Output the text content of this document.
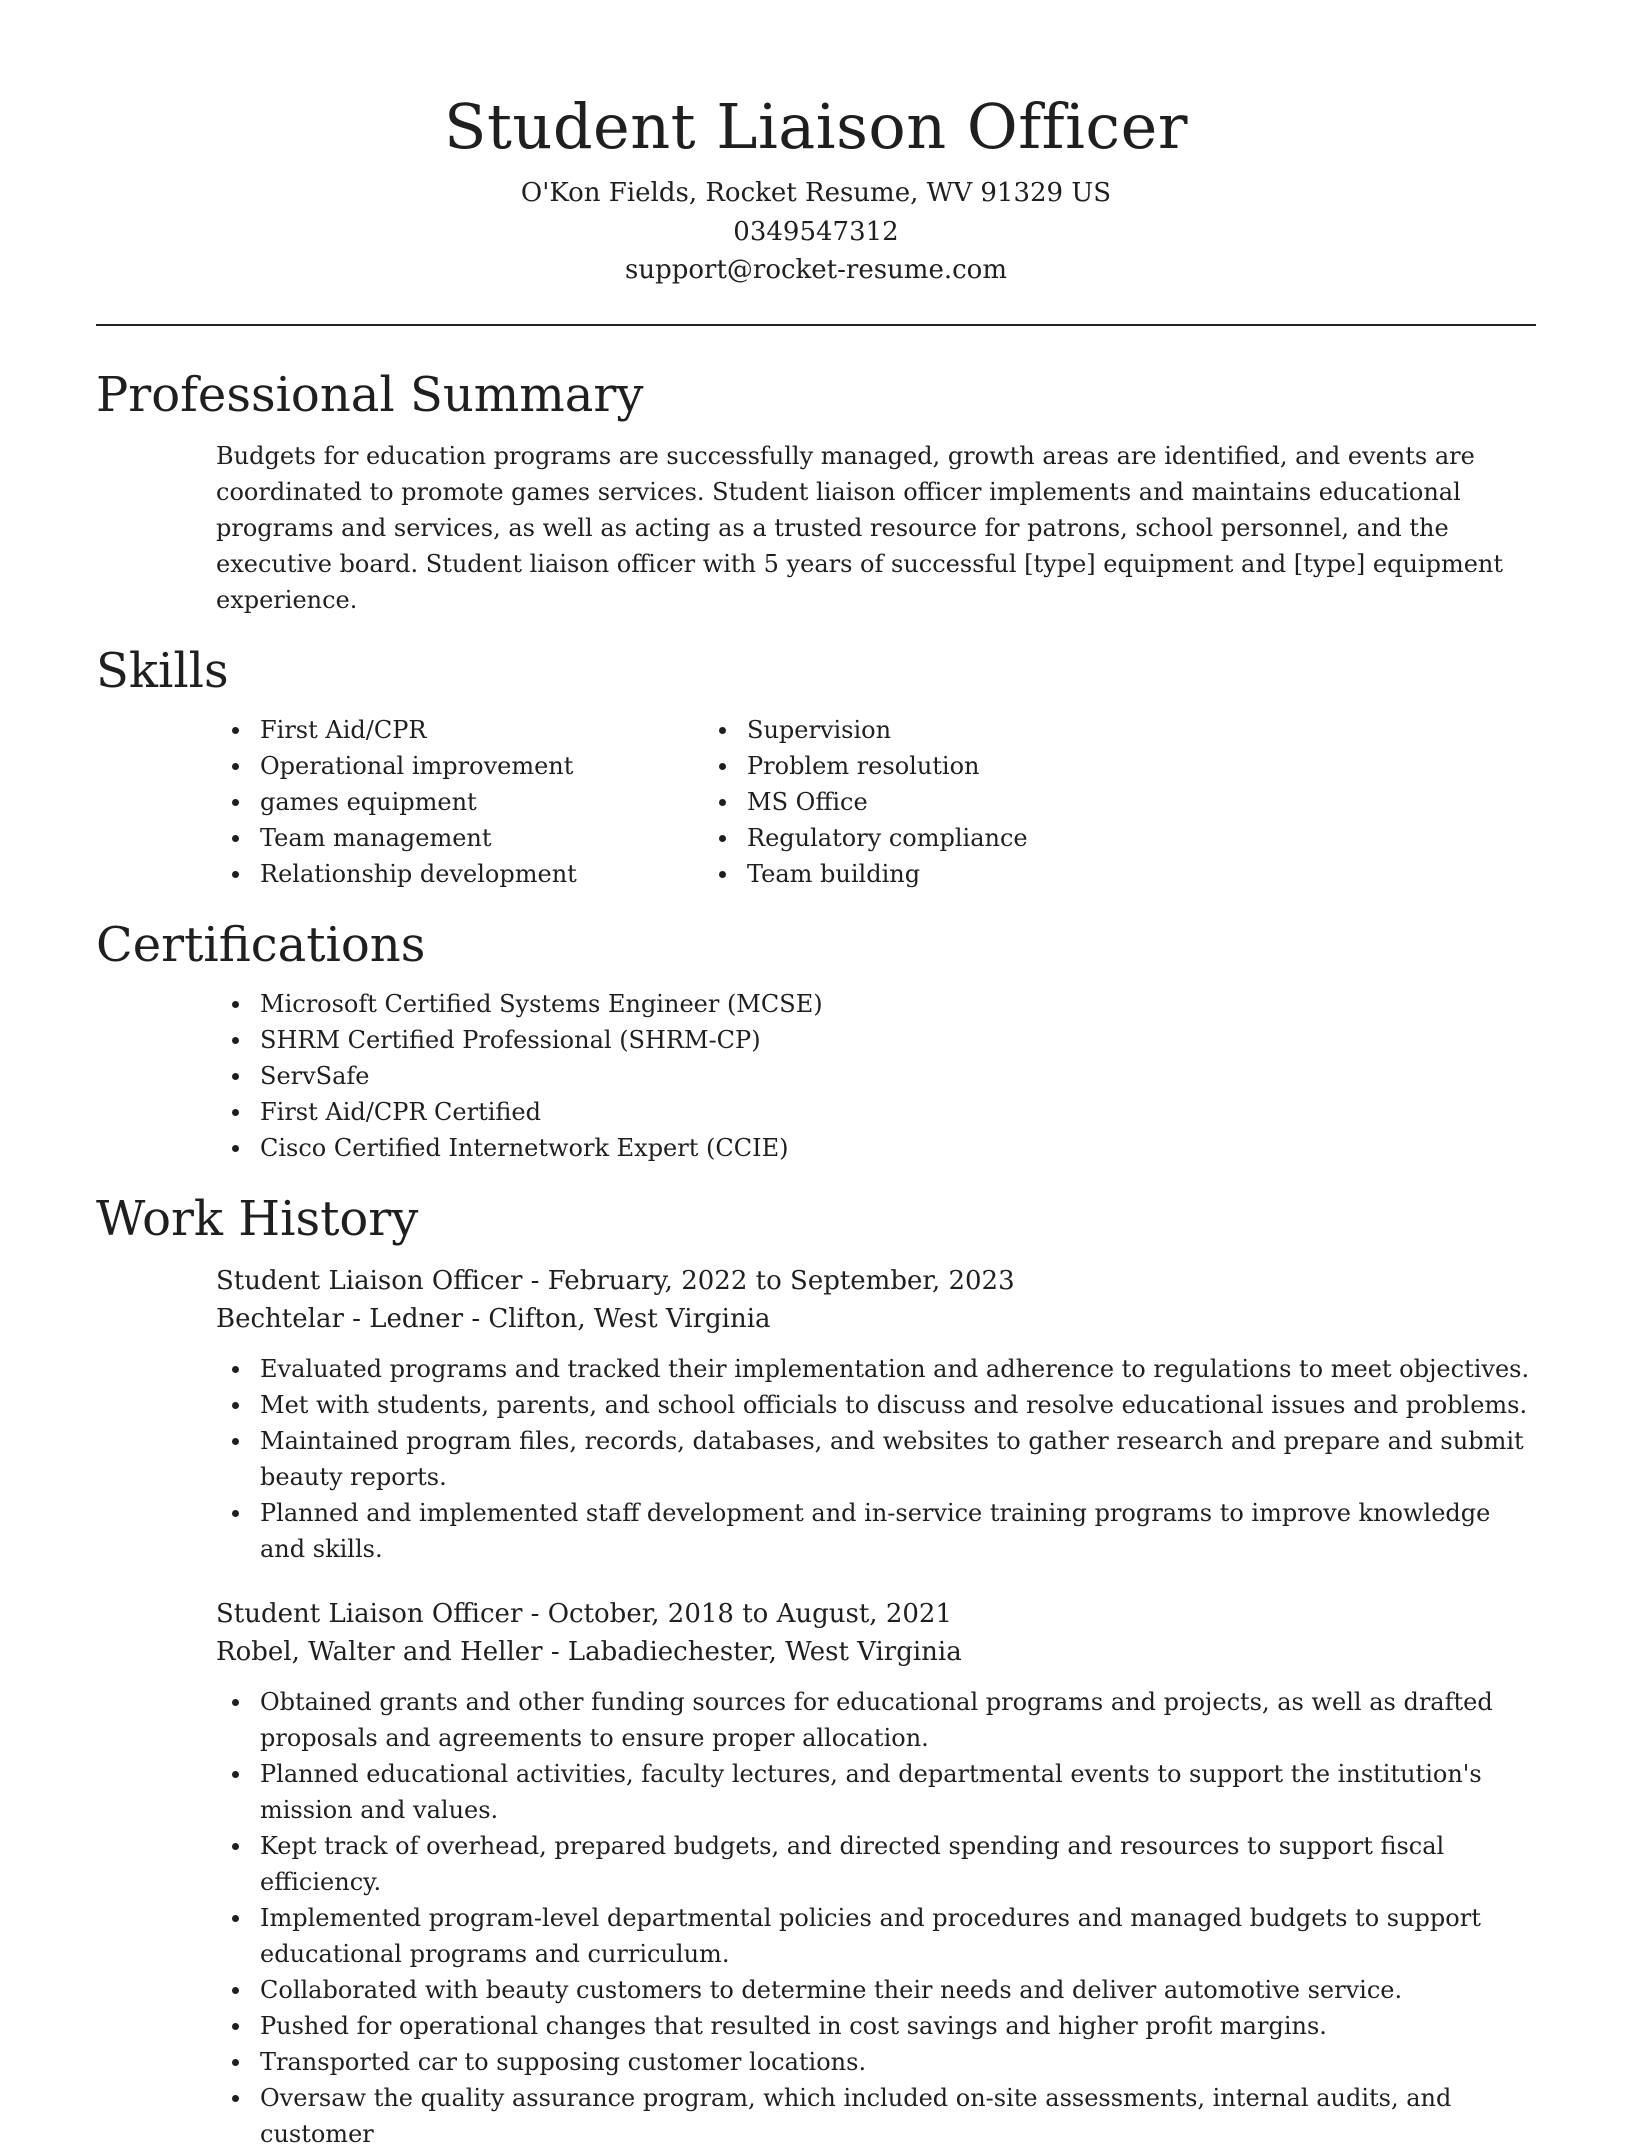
Student Liaison Officer
O'Kon Fields, Rocket Resume, WV 91329 US
0349547312
support@rocket-resume.com
Professional Summary

Budgets for education programs are successfully managed, growth areas are identified, and events are coordinated to promote games services. Student liaison officer implements and maintains educational programs and services, as well as acting as a trusted resource for patrons, school personnel, and the executive board. Student liaison officer with 5 years of successful [type] equipment and [type] equipment experience.

Skills
First Aid/CPR
Operational improvement
games equipment
Team management
Relationship development
Supervision
Problem resolution
MS Office
Regulatory compliance
Team building
Certifications
Microsoft Certified Systems Engineer (MCSE)
SHRM Certified Professional (SHRM-CP)
ServSafe
First Aid/CPR Certified
Cisco Certified Internetwork Expert (CCIE)
Work History
Student Liaison Officer - February, 2022 to September, 2023
Bechtelar - Ledner - Clifton, West Virginia
Evaluated programs and tracked their implementation and adherence to regulations to meet objectives.
Met with students, parents, and school officials to discuss and resolve educational issues and problems.
Maintained program files, records, databases, and websites to gather research and prepare and submit beauty reports.
Planned and implemented staff development and in-service training programs to improve knowledge and skills.
Student Liaison Officer - October, 2018 to August, 2021
Robel, Walter and Heller - Labadiechester, West Virginia
Obtained grants and other funding sources for educational programs and projects, as well as drafted proposals and agreements to ensure proper allocation.
Planned educational activities, faculty lectures, and departmental events to support the institution's mission and values.
Kept track of overhead, prepared budgets, and directed spending and resources to support fiscal efficiency.
Implemented program-level departmental policies and procedures and managed budgets to support educational programs and curriculum.
Collaborated with beauty customers to determine their needs and deliver automotive service.
Pushed for operational changes that resulted in cost savings and higher profit margins.
Transported car to supposing customer locations.
Oversaw the quality assurance program, which included on-site assessments, internal audits, and customer
